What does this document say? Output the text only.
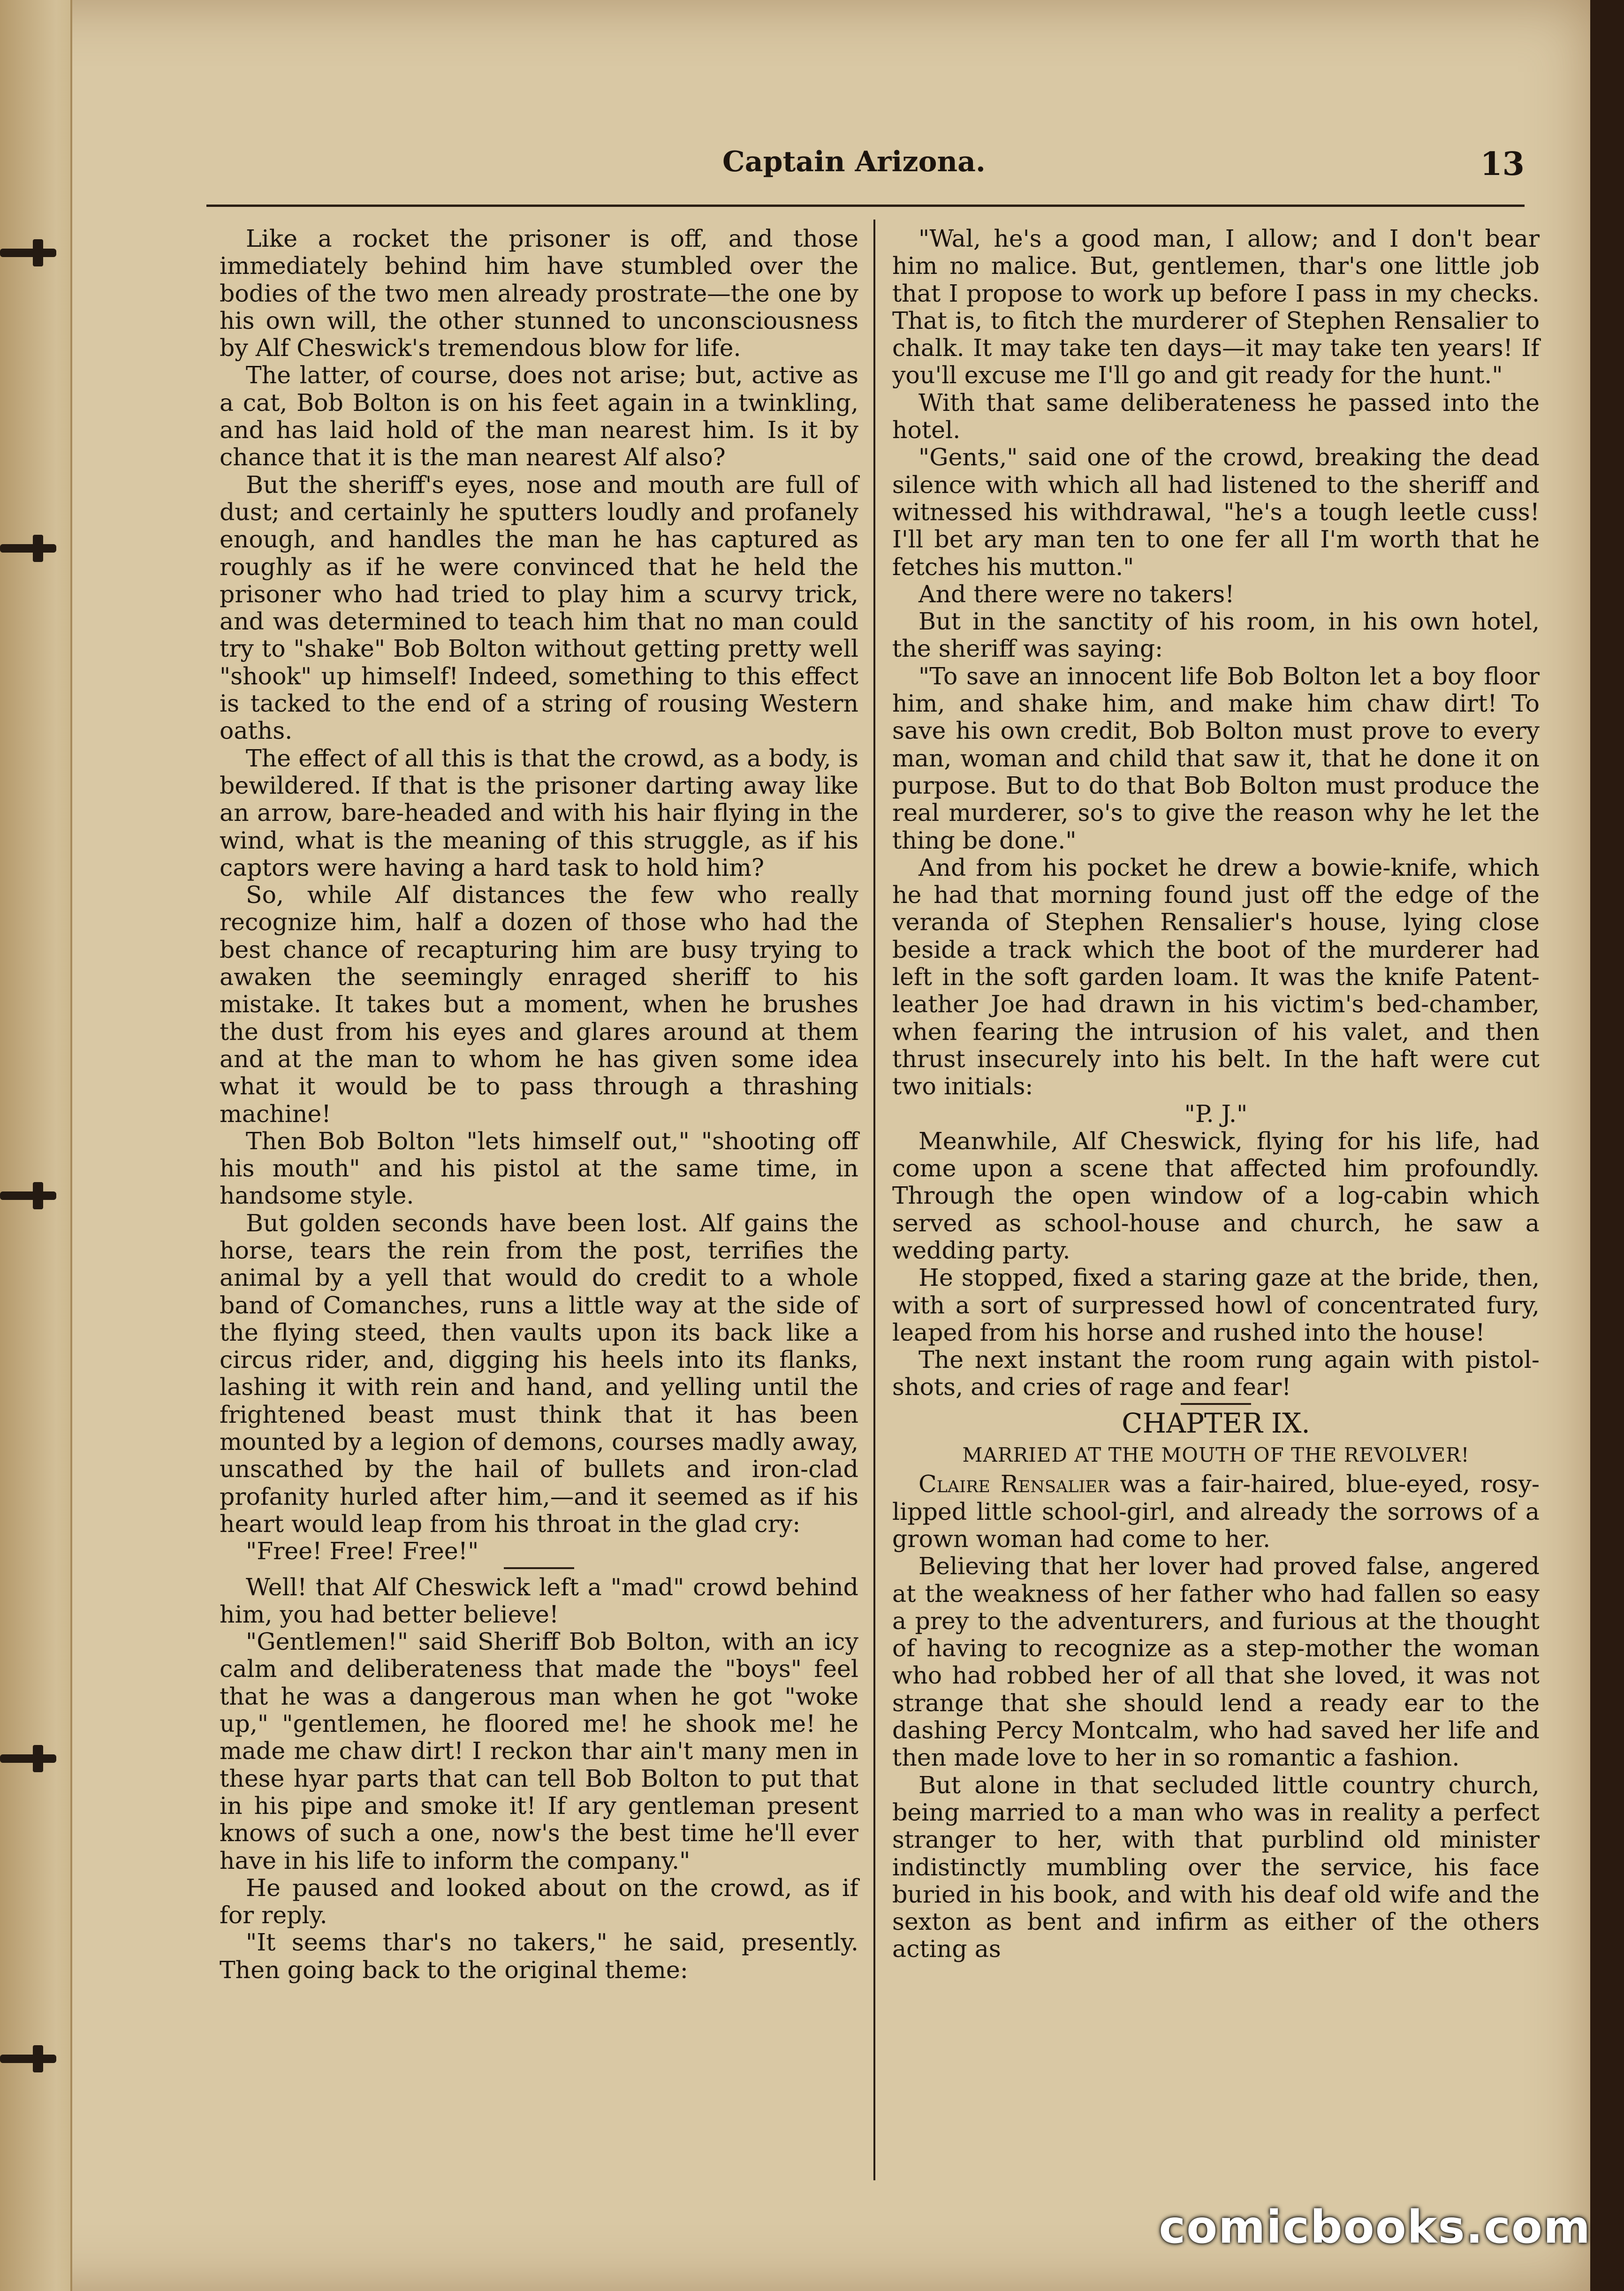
Captain Arizona.	13

Like a rocket the prisoner is off, and those immediately behind him have stumbled over the bodies of the two men already prostrate—the one by his own will, the other stunned to unconsciousness by Alf Cheswick's tremendous blow for life.

The latter, of course, does not arise; but, active as a cat, Bob Bolton is on his feet again in a twinkling, and has laid hold of the man nearest him. Is it by chance that it is the man nearest Alf also?

But the sheriff's eyes, nose and mouth are full of dust; and certainly he sputters loudly and profanely enough, and handles the man he has captured as roughly as if he were convinced that he held the prisoner who had tried to play him a scurvy trick, and was determined to teach him that no man could try to "shake" Bob Bolton without getting pretty well "shook" up himself! Indeed, something to this effect is tacked to the end of a string of rousing Western oaths.

The effect of all this is that the crowd, as a body, is bewildered. If that is the prisoner darting away like an arrow, bare-headed and with his hair flying in the wind, what is the meaning of this struggle, as if his captors were having a hard task to hold him?

So, while Alf distances the few who really recognize him, half a dozen of those who had the best chance of recapturing him are busy trying to awaken the seemingly enraged sheriff to his mistake. It takes but a moment, when he brushes the dust from his eyes and glares around at them and at the man to whom he has given some idea what it would be to pass through a thrashing machine!

Then Bob Bolton "lets himself out," "shooting off his mouth" and his pistol at the same time, in handsome style.

But golden seconds have been lost. Alf gains the horse, tears the rein from the post, terrifies the animal by a yell that would do credit to a whole band of Comanches, runs a little way at the side of the flying steed, then vaults upon its back like a circus rider, and, digging his heels into its flanks, lashing it with rein and hand, and yelling until the frightened beast must think that it has been mounted by a legion of demons, courses madly away, unscathed by the hail of bullets and iron-clad profanity hurled after him,—and it seemed as if his heart would leap from his throat in the glad cry:

"Free! Free! Free!"

Well! that Alf Cheswick left a "mad" crowd behind him, you had better believe!

"Gentlemen!" said Sheriff Bob Bolton, with an icy calm and deliberateness that made the "boys" feel that he was a dangerous man when he got "woke up," "gentlemen, he floored me! he shook me! he made me chaw dirt! I reckon thar ain't many men in these hyar parts that can tell Bob Bolton to put that in his pipe and smoke it! If ary gentleman present knows of such a one, now's the best time he'll ever have in his life to inform the company."

He paused and looked about on the crowd, as if for reply.

"It seems thar's no takers," he said, presently. Then going back to the original theme:

"Wal, he's a good man, I allow; and I don't bear him no malice. But, gentlemen, thar's one little job that I propose to work up before I pass in my checks. That is, to fitch the murderer of Stephen Rensalier to chalk. It may take ten days—it may take ten years! If you'll excuse me I'll go and git ready for the hunt."

With that same deliberateness he passed into the hotel.

"Gents," said one of the crowd, breaking the dead silence with which all had listened to the sheriff and witnessed his withdrawal, "he's a tough leetle cuss! I'll bet ary man ten to one fer all I'm worth that he fetches his mutton."

And there were no takers!

But in the sanctity of his room, in his own hotel, the sheriff was saying:

"To save an innocent life Bob Bolton let a boy floor him, and shake him, and make him chaw dirt! To save his own credit, Bob Bolton must prove to every man, woman and child that saw it, that he done it on purpose. But to do that Bob Bolton must produce the real murderer, so's to give the reason why he let the thing be done."

And from his pocket he drew a bowie-knife, which he had that morning found just off the edge of the veranda of Stephen Rensalier's house, lying close beside a track which the boot of the murderer had left in the soft garden loam. It was the knife Patent-leather Joe had drawn in his victim's bed-chamber, when fearing the intrusion of his valet, and then thrust insecurely into his belt. In the haft were cut two initials:

"P. J."

Meanwhile, Alf Cheswick, flying for his life, had come upon a scene that affected him profoundly. Through the open window of a log-cabin which served as school-house and church, he saw a wedding party.

He stopped, fixed a staring gaze at the bride, then, with a sort of surpressed howl of concentrated fury, leaped from his horse and rushed into the house!

The next instant the room rung again with pistol-shots, and cries of rage and fear!

CHAPTER IX.
MARRIED AT THE MOUTH OF THE REVOLVER!

Claire Rensalier was a fair-haired, blue-eyed, rosy-lipped little school-girl, and already the sorrows of a grown woman had come to her.

Believing that her lover had proved false, angered at the weakness of her father who had fallen so easy a prey to the adventurers, and furious at the thought of having to recognize as a step-mother the woman who had robbed her of all that she loved, it was not strange that she should lend a ready ear to the dashing Percy Montcalm, who had saved her life and then made love to her in so romantic a fashion.

But alone in that secluded little country church, being married to a man who was in reality a perfect stranger to her, with that purblind old minister indistinctly mumbling over the service, his face buried in his book, and with his deaf old wife and the sexton as bent and infirm as either of the others acting as

comicbooks.com
